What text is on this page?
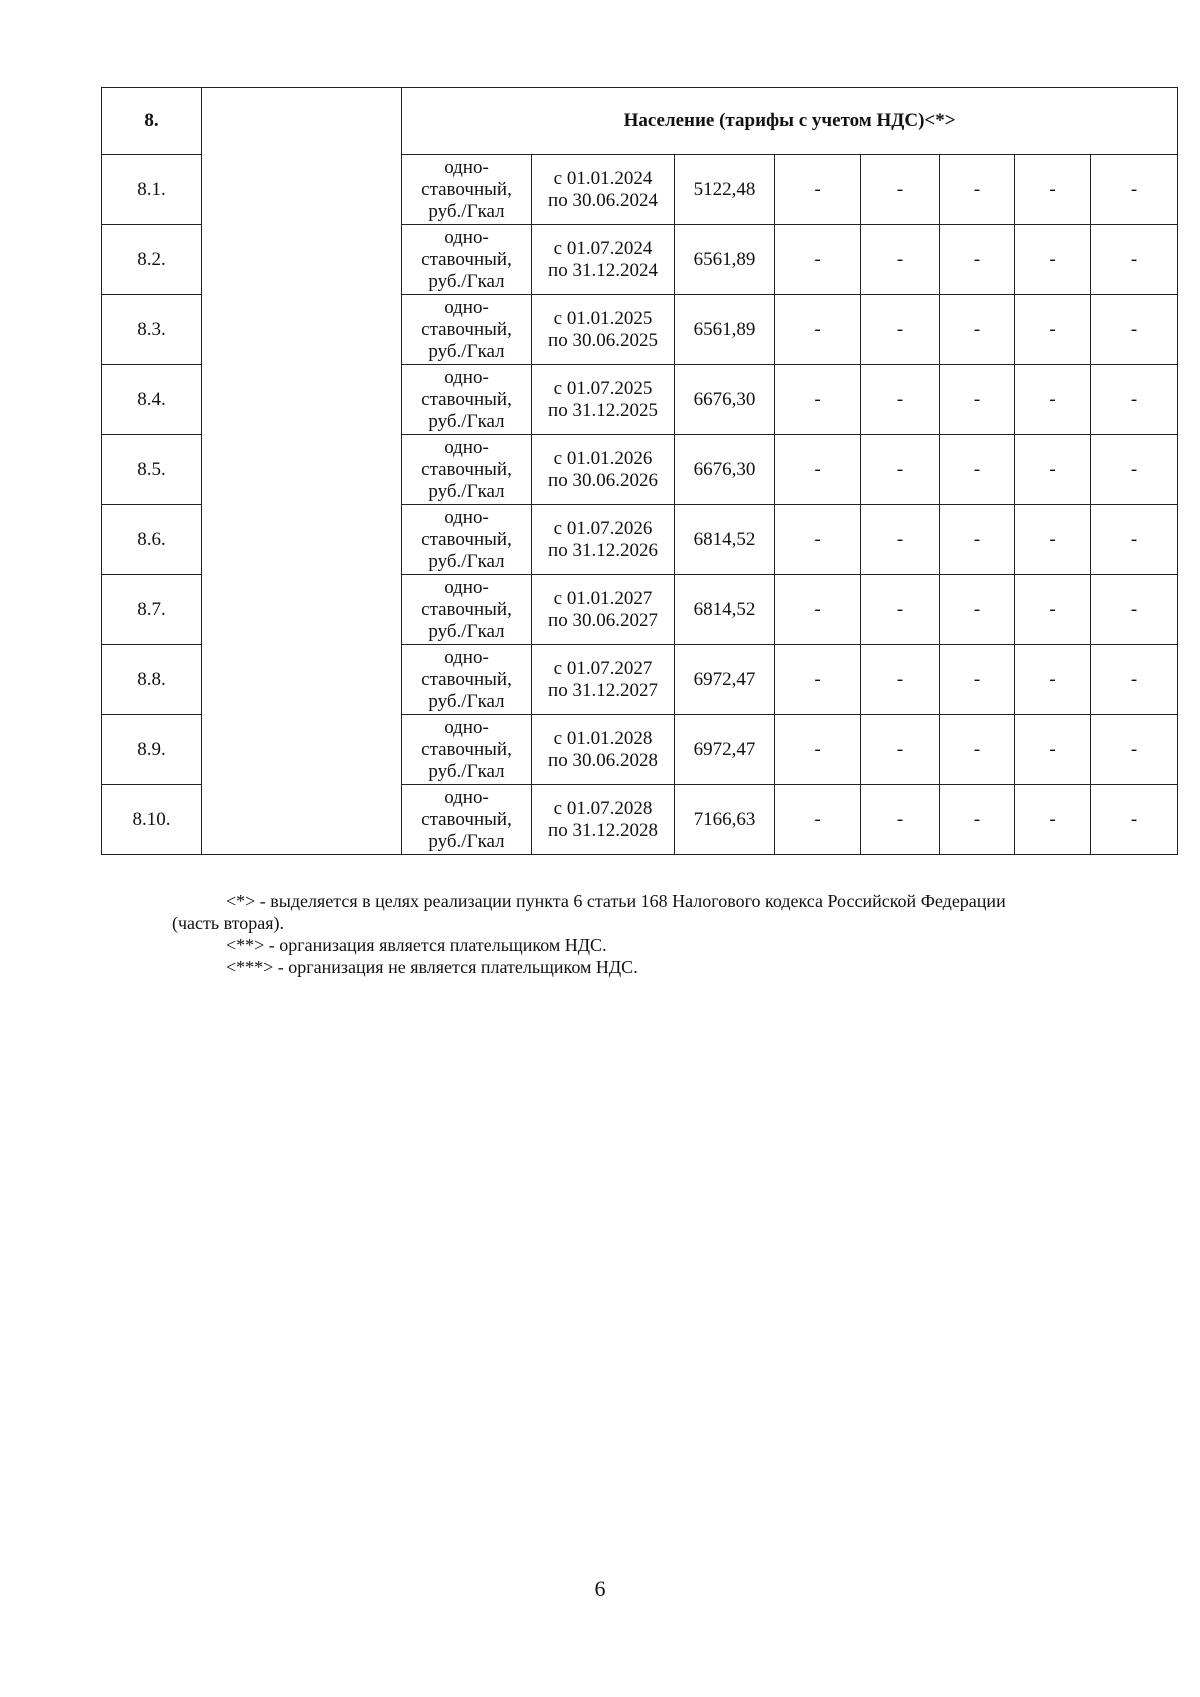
8.		Население (тарифы с учетом НДС)<*>							
8.1.		одно-
ставочный,
руб./Гкал	с 01.01.2024
по 30.06.2024	5122,48	-	-	-	-	-
8.2.		одно-
ставочный,
руб./Гкал	с 01.07.2024
по 31.12.2024	6561,89	-	-	-	-	-
8.3.		одно-
ставочный,
руб./Гкал	с 01.01.2025
по 30.06.2025	6561,89	-	-	-	-	-
8.4.		одно-
ставочный,
руб./Гкал	с 01.07.2025
по 31.12.2025	6676,30	-	-	-	-	-
8.5.		одно-
ставочный,
руб./Гкал	с 01.01.2026
по 30.06.2026	6676,30	-	-	-	-	-
8.6.		одно-
ставочный,
руб./Гкал	с 01.07.2026
по 31.12.2026	6814,52	-	-	-	-	-
8.7.		одно-
ставочный,
руб./Гкал	с 01.01.2027
по 30.06.2027	6814,52	-	-	-	-	-
8.8.		одно-
ставочный,
руб./Гкал	с 01.07.2027
по 31.12.2027	6972,47	-	-	-	-	-
8.9.		одно-
ставочный,
руб./Гкал	с 01.01.2028
по 30.06.2028	6972,47	-	-	-	-	-
8.10.		одно-
ставочный,
руб./Гкал	с 01.07.2028
по 31.12.2028	7166,63	-	-	-	-	-

<*> - выделяется в целях реализации пункта 6 статьи 168 Налогового кодекса Российской Федерации

(часть вторая).

<**> - организация является плательщиком НДС.

<***> - организация не является плательщиком НДС.

6
